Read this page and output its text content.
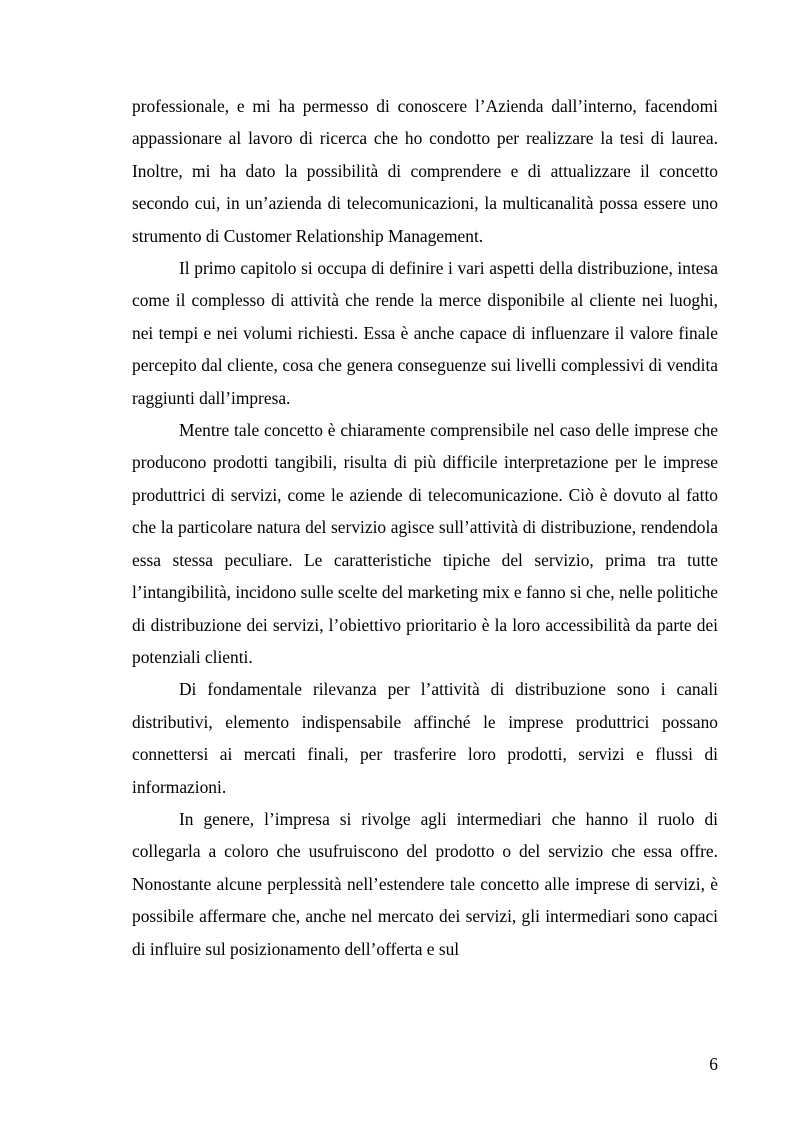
professionale, e mi ha permesso di conoscere l’Azienda dall’interno, facendomi appassionare al lavoro di ricerca che ho condotto per realizzare la tesi di laurea. Inoltre, mi ha dato la possibilità di comprendere e di attualizzare il concetto secondo cui, in un’azienda di telecomunicazioni, la multicanalità possa essere uno strumento di Customer Relationship Management.

Il primo capitolo si occupa di definire i vari aspetti della distribuzione, intesa come il complesso di attività che rende la merce disponibile al cliente nei luoghi, nei tempi e nei volumi richiesti. Essa è anche capace di influenzare il valore finale percepito dal cliente, cosa che genera conseguenze sui livelli complessivi di vendita raggiunti dall’impresa.

Mentre tale concetto è chiaramente comprensibile nel caso delle imprese che producono prodotti tangibili, risulta di più difficile interpretazione per le imprese produttrici di servizi, come le aziende di telecomunicazione. Ciò è dovuto al fatto che la particolare natura del servizio agisce sull’attività di distribuzione, rendendola essa stessa peculiare. Le caratteristiche tipiche del servizio, prima tra tutte l’intangibilità, incidono sulle scelte del marketing mix e fanno si che, nelle politiche di distribuzione dei servizi, l’obiettivo prioritario è la loro accessibilità da parte dei potenziali clienti.

Di fondamentale rilevanza per l’attività di distribuzione sono i canali distributivi, elemento indispensabile affinché le imprese produttrici possano connettersi ai mercati finali, per trasferire loro prodotti, servizi e flussi di informazioni.

In genere, l’impresa si rivolge agli intermediari che hanno il ruolo di collegarla a coloro che usufruiscono del prodotto o del servizio che essa offre. Nonostante alcune perplessità nell’estendere tale concetto alle imprese di servizi, è possibile affermare che, anche nel mercato dei servizi, gli intermediari sono capaci di influire sul posizionamento dell’offerta e sul

6
